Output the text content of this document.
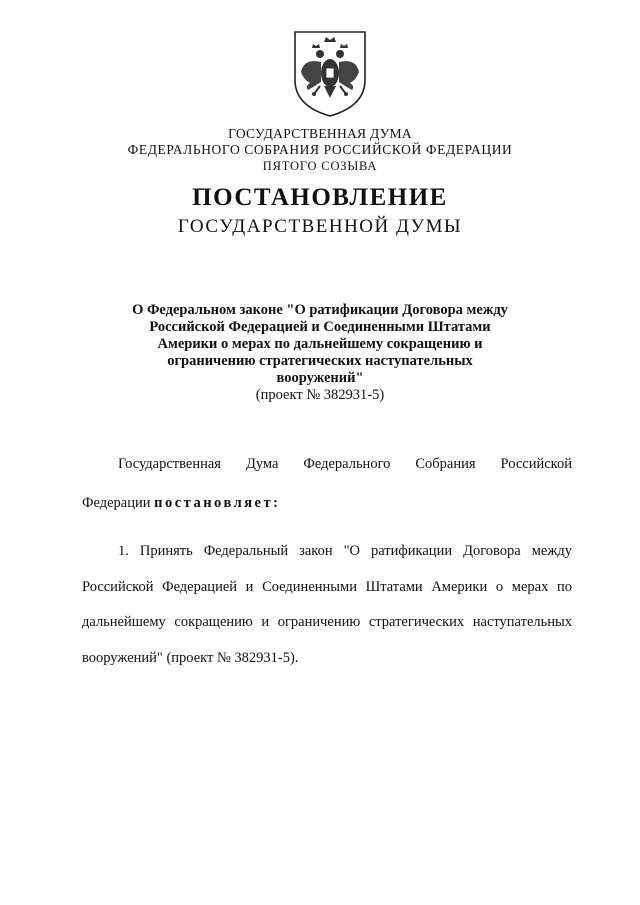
ГОСУДАРСТВЕННАЯ ДУМА
ФЕДЕРАЛЬНОГО СОБРАНИЯ РОССИЙСКОЙ ФЕДЕРАЦИИ
ПЯТОГО СОЗЫВА
ПОСТАНОВЛЕНИЕ
ГОСУДАРСТВЕННОЙ ДУМЫ
О Федеральном законе "О ратификации Договора между
Российской Федерацией и Соединенными Штатами
Америки о мерах по дальнейшему сокращению и
ограничению стратегических наступательных
вооружений"
(проект № 382931-5)
Государственная Дума Федерального Собрания Российской
Федерации постановляет:
1. Принять Федеральный закон "О ратификации Договора между
Российской Федерацией и Соединенными Штатами Америки о мерах по
дальнейшему сокращению и ограничению стратегических наступательных
вооружений" (проект № 382931-5).
